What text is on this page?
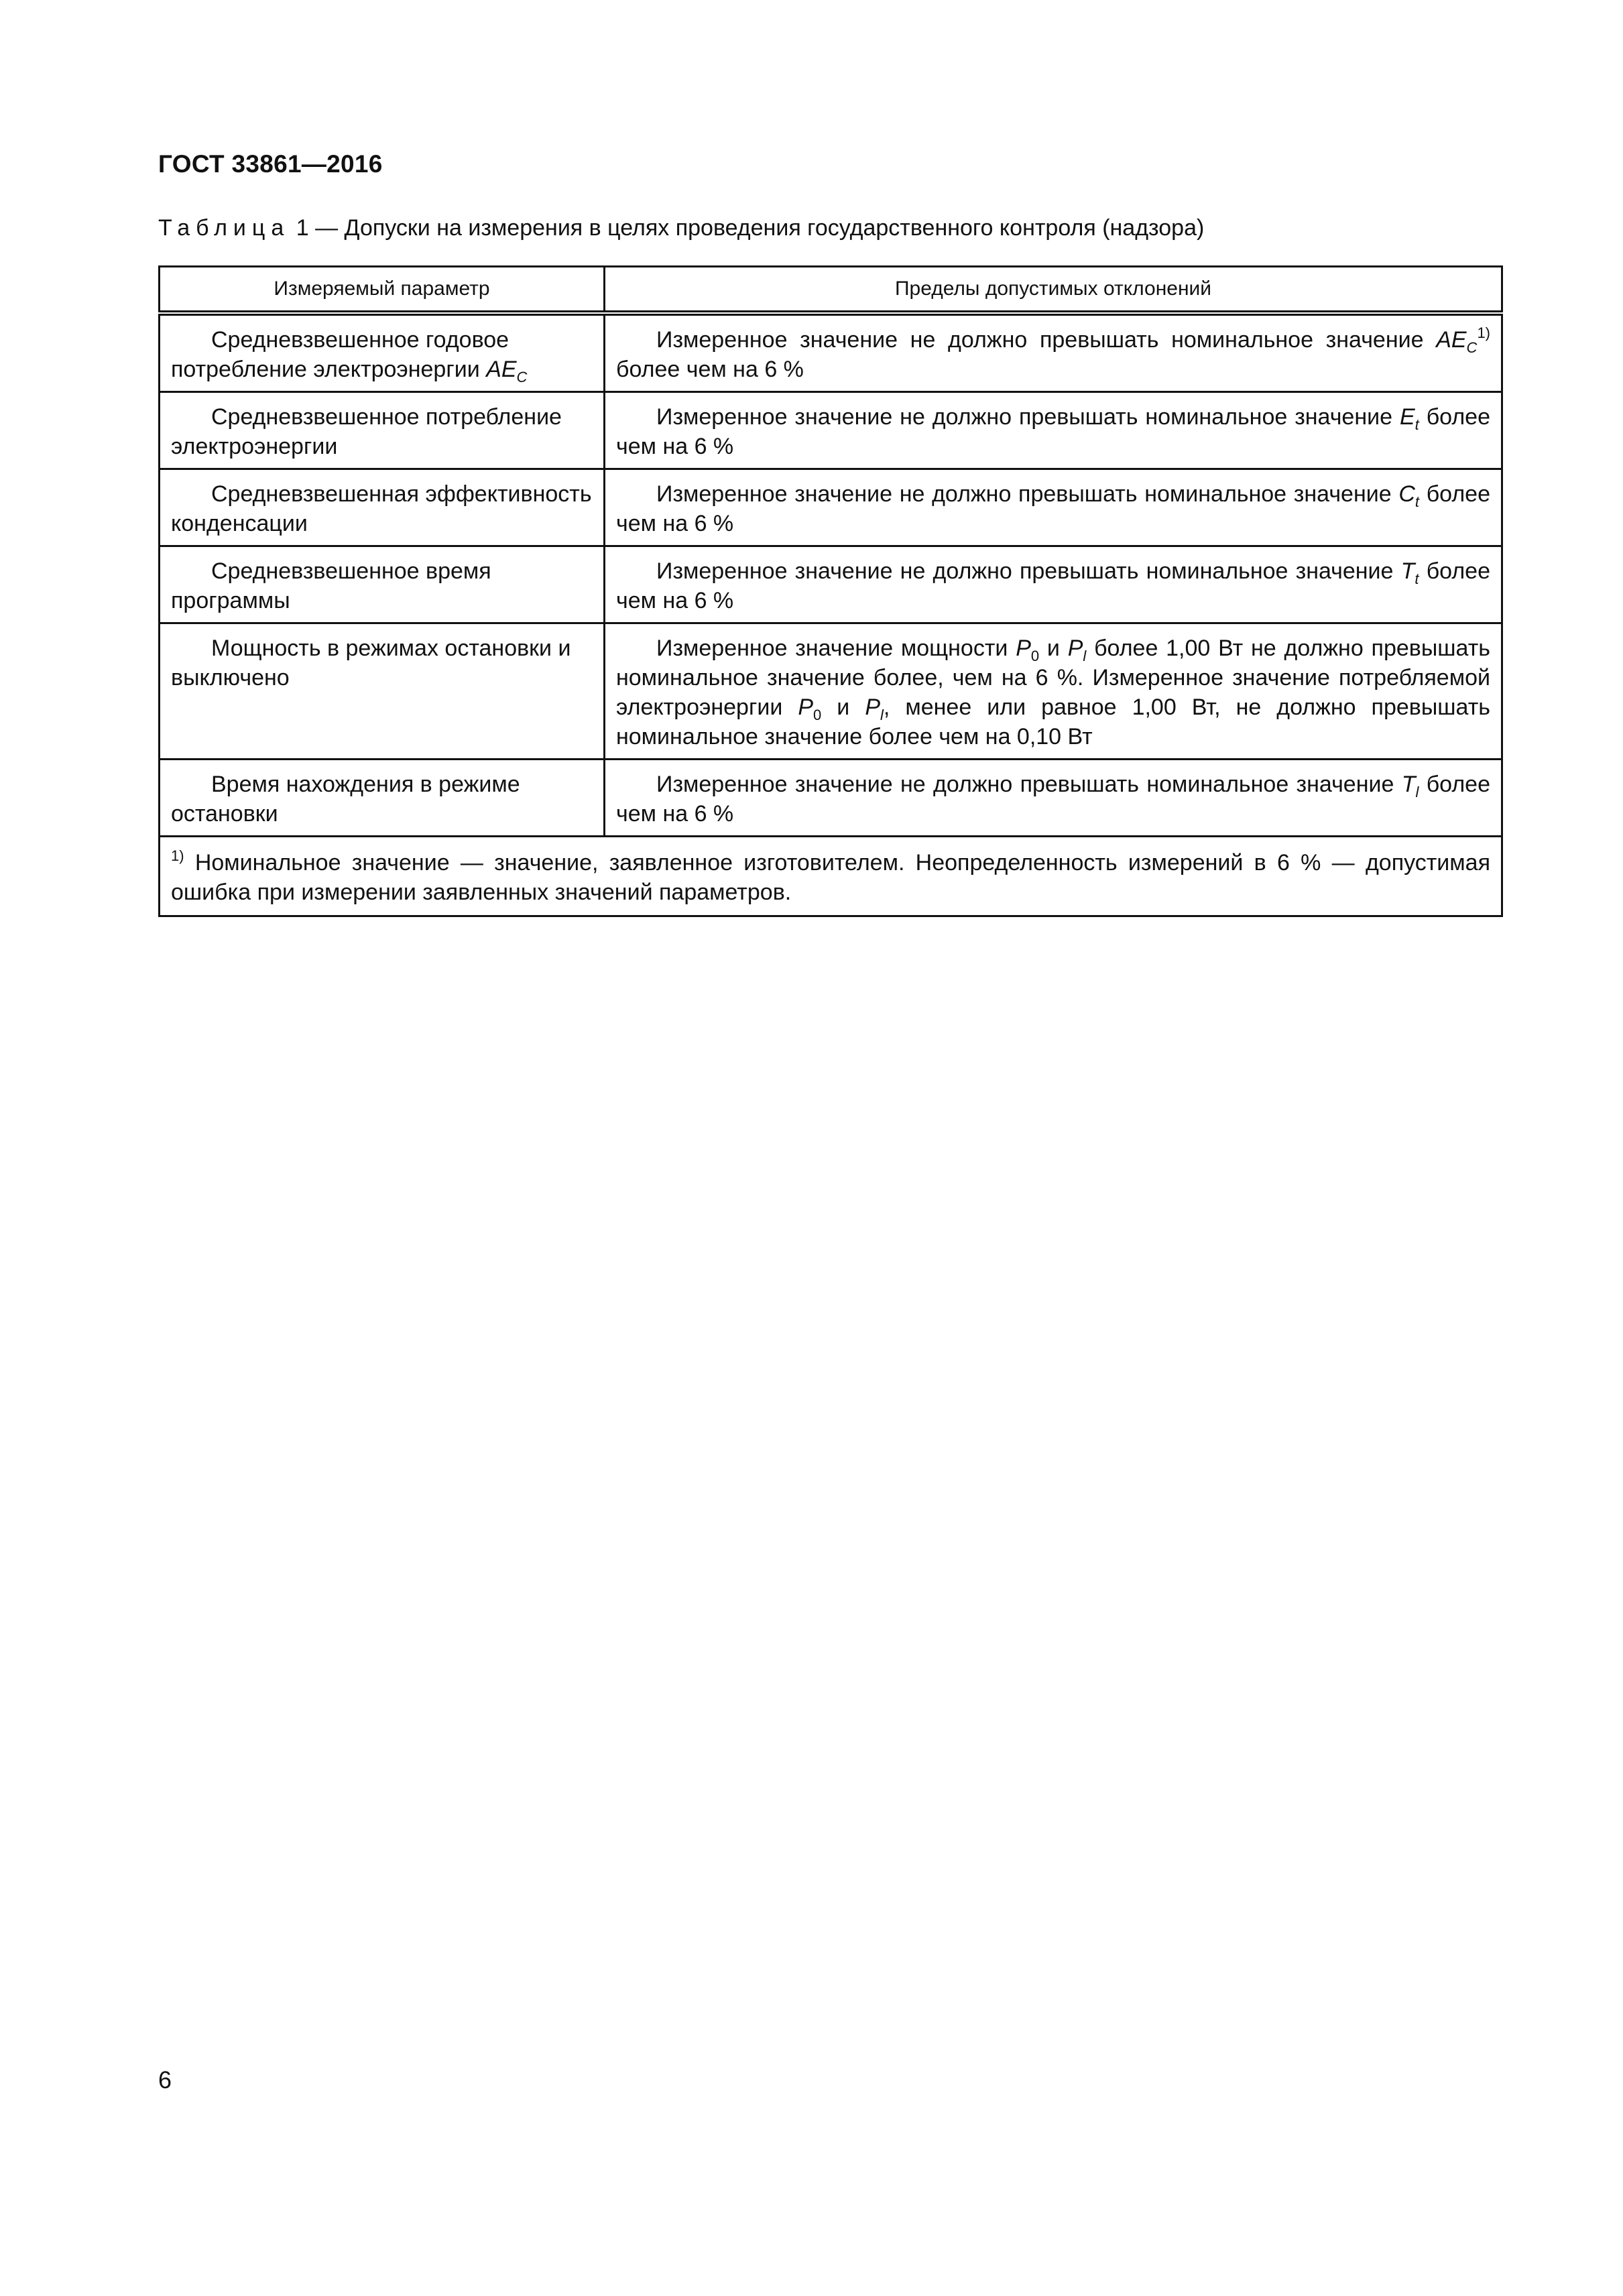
ГОСТ 33861—2016
Таблица 1 — Допуски на измерения в целях проведения государственного контроля (надзора)
Измеряемый параметр	Пределы допустимых отклонений
Средневзвешенное годовое потребление электроэнергии $AE_C$	Измеренное значение не должно превышать номинальное значение $AE_C^{1)}$ более чем на 6 %
Средневзвешенное потребление электроэнергии	Измеренное значение не должно превышать номинальное значение $E_t$ более чем на 6 %
Средневзвешенная эффективность конденсации	Измеренное значение не должно превышать номинальное значение $C_t$ более чем на 6 %
Средневзвешенное время программы	Измеренное значение не должно превышать номинальное значение $T_t$ более чем на 6 %
Мощность в режимах остановки и выключено	Измеренное значение мощности $P_0$ и $P_l$ более 1,00 Вт не должно превышать номинальное значение более, чем на 6 %. Измеренное значение потребляемой электроэнергии $P_0$ и $P_l$, менее или равное 1,00 Вт, не должно превышать номинальное значение более чем на 0,10 Вт
Время нахождения в режиме остановки	Измеренное значение не должно превышать номинальное значение $T_l$ более чем на 6 %
$^{1)}$ Номинальное значение — значение, заявленное изготовителем. Неопределенность измерений в 6 % — допустимая ошибка при измерении заявленных значений параметров.	
6
